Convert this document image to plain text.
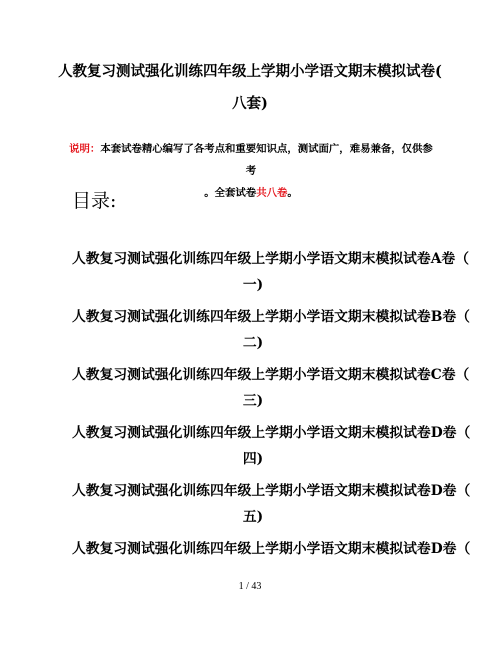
人教复习测试强化训练四年级上学期小学语文期末模拟试卷(
八套)
说明：本套试卷精心编写了各考点和重要知识点，测试面广，难易兼备，仅供参考
。全套试卷共八卷。
目录:
人教复习测试强化训练四年级上学期小学语文期末模拟试卷A卷（
一)
人教复习测试强化训练四年级上学期小学语文期末模拟试卷B卷（
二)
人教复习测试强化训练四年级上学期小学语文期末模拟试卷C卷（
三)
人教复习测试强化训练四年级上学期小学语文期末模拟试卷D卷（
四)
人教复习测试强化训练四年级上学期小学语文期末模拟试卷D卷（
五)
人教复习测试强化训练四年级上学期小学语文期末模拟试卷D卷（
1 / 43
